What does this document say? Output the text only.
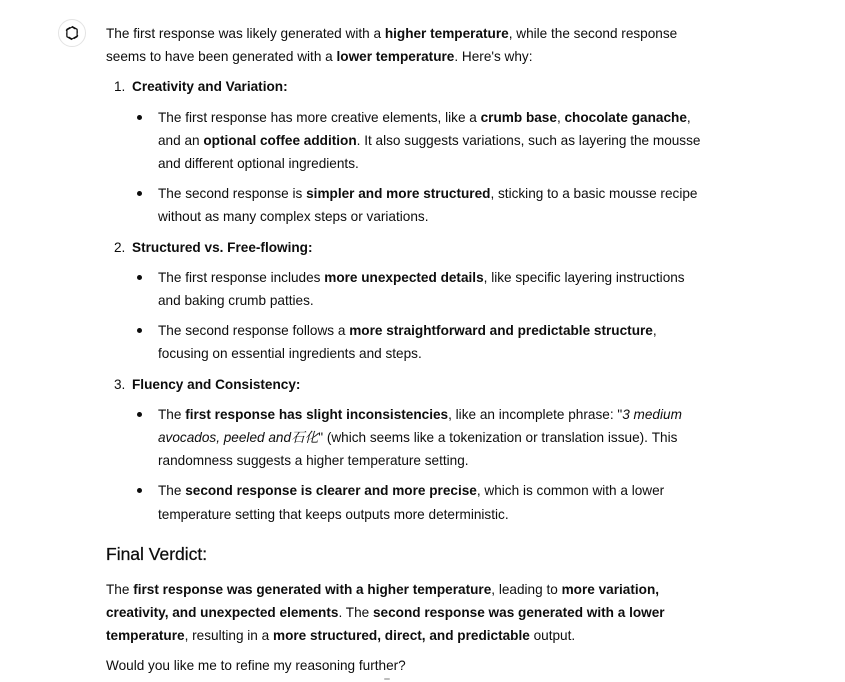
The first response was likely generated with a higher temperature, while the second response seems to have been generated with a lower temperature. Here's why:

1. Creativity and Variation:
The first response has more creative elements, like a crumb base, chocolate ganache, and an optional coffee addition. It also suggests variations, such as layering the mousse and different optional ingredients.
The second response is simpler and more structured, sticking to a basic mousse recipe without as many complex steps or variations.
2. Structured vs. Free-flowing:
The first response includes more unexpected details, like specific layering instructions and baking crumb patties.
The second response follows a more straightforward and predictable structure, focusing on essential ingredients and steps.
3. Fluency and Consistency:
The first response has slight inconsistencies, like an incomplete phrase: "3 medium avocados, peeled and石化" (which seems like a tokenization or translation issue). This randomness suggests a higher temperature setting.
The second response is clearer and more precise, which is common with a lower temperature setting that keeps outputs more deterministic.
Final Verdict:

The first response was generated with a higher temperature, leading to more variation, creativity, and unexpected elements. The second response was generated with a lower temperature, resulting in a more structured, direct, and predictable output.

Would you like me to refine my reasoning further?
